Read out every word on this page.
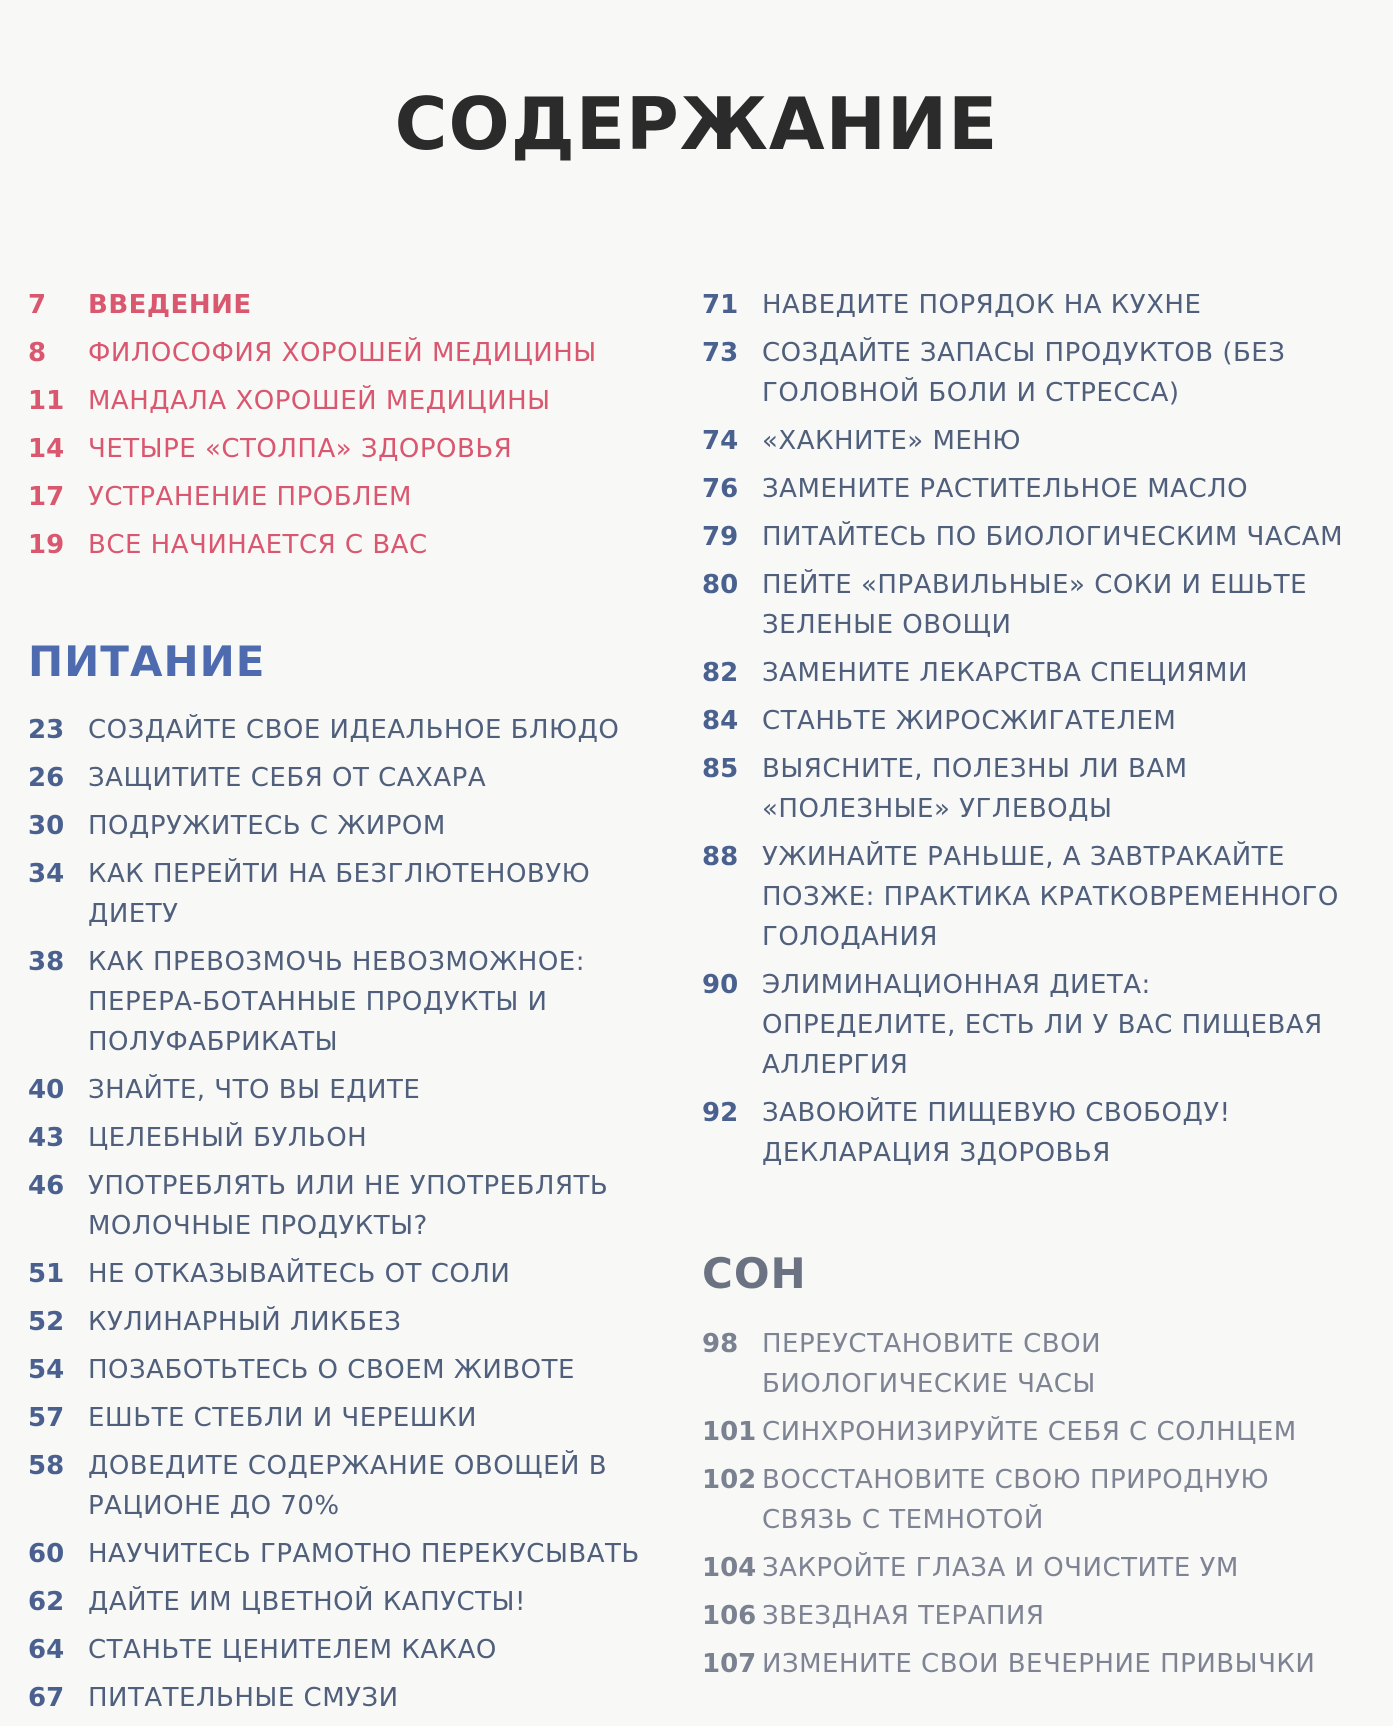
СОДЕРЖАНИЕ
7	ВВЕДЕНИЕ
8	ФИЛОСОФИЯ ХОРОШЕЙ МЕДИЦИНЫ
11 МАНДАЛА ХОРОШЕЙ МЕДИЦИНЫ
14 ЧЕТЫРЕ «СТОЛПА» ЗДОРОВЬЯ
17 УСТРАНЕНИЕ ПРОБЛЕМ
19 ВСЕ НАЧИНАЕТСЯ С ВАС
ПИТАНИЕ
23 СОЗДАЙТЕ СВОЕ ИДЕАЛЬНОЕ БЛЮДО
26 ЗАЩИТИТЕ СЕБЯ ОТ САХАРА
30 ПОДРУЖИТЕСЬ С ЖИРОМ
34 КАК ПЕРЕЙТИ НА БЕЗГЛЮТЕНОВУЮ ДИЕТУ
38 КАК ПРЕВОЗМОЧЬ НЕВОЗМОЖНОЕ: ПЕРЕРА-БОТАННЫЕ ПРОДУКТЫ И ПОЛУФАБРИКАТЫ
40 ЗНАЙТЕ, ЧТО ВЫ ЕДИТЕ
43 ЦЕЛЕБНЫЙ БУЛЬОН
46 УПОТРЕБЛЯТЬ ИЛИ НЕ УПОТРЕБЛЯТЬ МОЛОЧНЫЕ ПРОДУКТЫ?
51 НЕ ОТКАЗЫВАЙТЕСЬ ОТ СОЛИ
52 КУЛИНАРНЫЙ ЛИКБЕЗ
54 ПОЗАБОТЬТЕСЬ О СВОЕМ ЖИВОТЕ
57 ЕШЬТЕ СТЕБЛИ И ЧЕРЕШКИ
58 ДОВЕДИТЕ СОДЕРЖАНИЕ ОВОЩЕЙ В РАЦИОНЕ ДО 70%
60 НАУЧИТЕСЬ ГРАМОТНО ПЕРЕКУСЫВАТЬ
62 ДАЙТЕ ИМ ЦВЕТНОЙ КАПУСТЫ!
64 СТАНЬТЕ ЦЕНИТЕЛЕМ КАКАО
67 ПИТАТЕЛЬНЫЕ СМУЗИ
71 НАВЕДИТЕ ПОРЯДОК НА КУХНЕ
73 СОЗДАЙТЕ ЗАПАСЫ ПРОДУКТОВ (БЕЗ ГОЛОВНОЙ БОЛИ И СТРЕССА)
74 «ХАКНИТЕ» МЕНЮ
76 ЗАМЕНИТЕ РАСТИТЕЛЬНОЕ МАСЛО
79 ПИТАЙТЕСЬ ПО БИОЛОГИЧЕСКИМ ЧАСАМ
80 ПЕЙТЕ «ПРАВИЛЬНЫЕ» СОКИ И ЕШЬТЕ ЗЕЛЕНЫЕ ОВОЩИ
82 ЗАМЕНИТЕ ЛЕКАРСТВА СПЕЦИЯМИ
84 СТАНЬТЕ ЖИРОСЖИГАТЕЛЕМ
85 ВЫЯСНИТЕ, ПОЛЕЗНЫ ЛИ ВАМ «ПОЛЕЗНЫЕ» УГЛЕВОДЫ
88 УЖИНАЙТЕ РАНЬШЕ, А ЗАВТРАКАЙТЕ ПОЗЖЕ: ПРАКТИКА КРАТКОВРЕМЕННОГО ГОЛОДАНИЯ
90 ЭЛИМИНАЦИОННАЯ ДИЕТА: ОПРЕДЕЛИТЕ, ЕСТЬ ЛИ У ВАС ПИЩЕВАЯ АЛЛЕРГИЯ
92 ЗАВОЮЙТЕ ПИЩЕВУЮ СВОБОДУ! ДЕКЛАРАЦИЯ ЗДОРОВЬЯ
СОН
98 ПЕРЕУСТАНОВИТЕ СВОИ БИОЛОГИЧЕСКИЕ ЧАСЫ
101 СИНХРОНИЗИРУЙТЕ СЕБЯ С СОЛНЦЕМ
102 ВОССТАНОВИТЕ СВОЮ ПРИРОДНУЮ СВЯЗЬ С ТЕМНОТОЙ
104 ЗАКРОЙТЕ ГЛАЗА И ОЧИСТИТЕ УМ
106 ЗВЕЗДНАЯ ТЕРАПИЯ
107 ИЗМЕНИТЕ СВОИ ВЕЧЕРНИЕ ПРИВЫЧКИ
